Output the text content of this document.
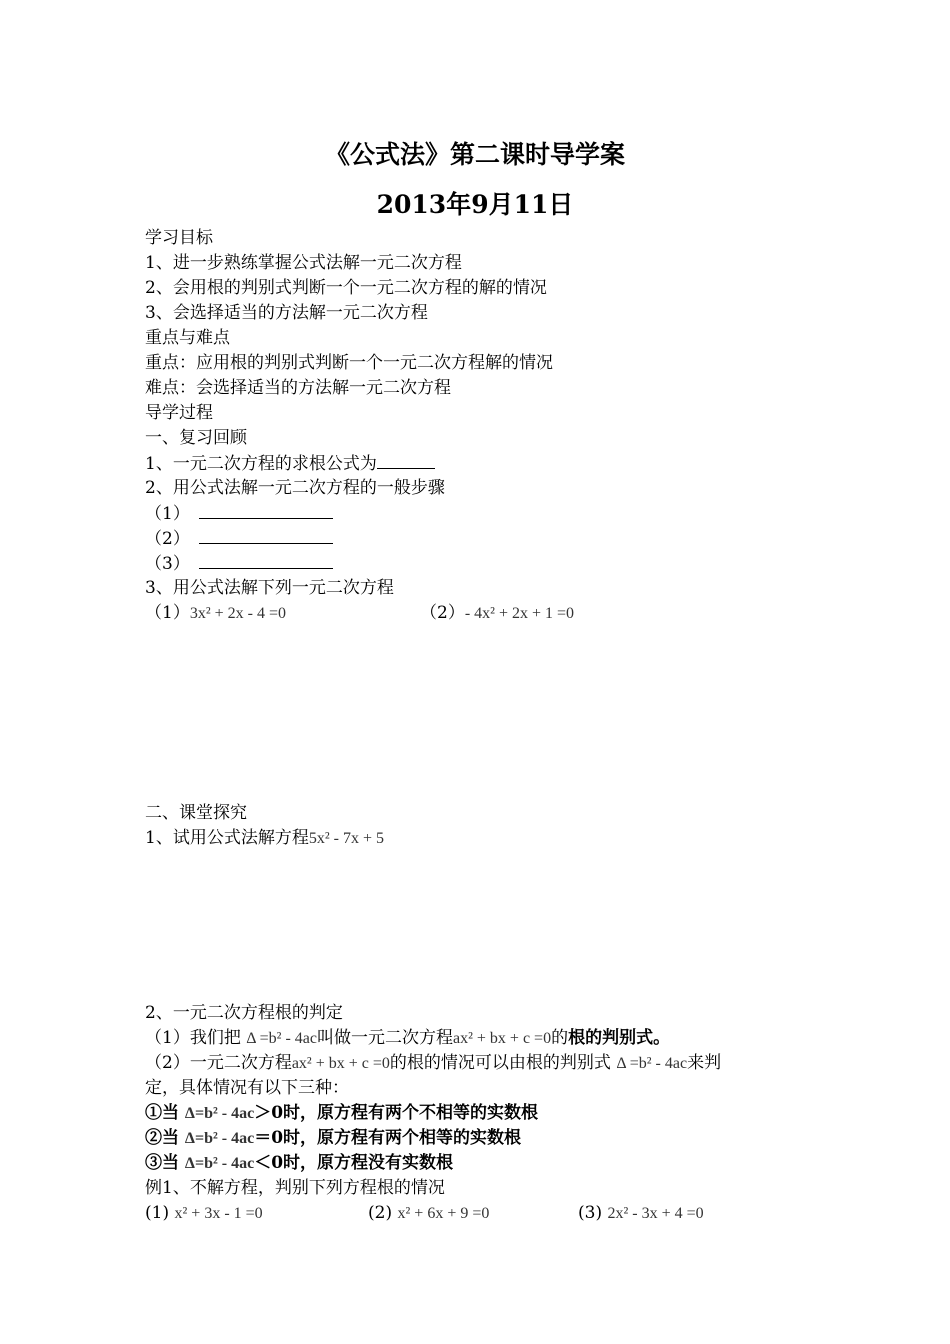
《公式法》第二课时导学案
2013年9月11日
学习目标
1、进一步熟练掌握公式法解一元二次方程
2、会用根的判别式判断一个一元二次方程的解的情况
3、会选择适当的方法解一元二次方程
重点与难点
重点：应用根的判别式判断一个一元二次方程解的情况
难点：会选择适当的方法解一元二次方程
导学过程
一、复习回顾
1、一元二次方程的求根公式为
2、用公式法解一元二次方程的一般步骤
（1）
（2）
（3）
3、用公式法解下列一元二次方程
（1）3x² + 2x - 4 =0	（2）- 4x² + 2x + 1 =0
二、课堂探究
1、试用公式法解方程5x² - 7x + 5
2、一元二次方程根的判定
（1）我们把 Δ =b² - 4ac叫做一元二次方程ax² + bx + c =0的根的判别式。
（2）一元二次方程ax² + bx + c =0的根的情况可以由根的判别式 Δ =b² - 4ac来判
定，具体情况有以下三种：
①当 Δ=b² - 4ac＞0时，原方程有两个不相等的实数根
②当 Δ=b² - 4ac＝0时，原方程有两个相等的实数根
③当 Δ=b² - 4ac＜0时，原方程没有实数根
例1、不解方程，判别下列方程根的情况
(1) x² + 3x - 1 =0	(2) x² + 6x + 9 =0	(3) 2x² - 3x + 4 =0
